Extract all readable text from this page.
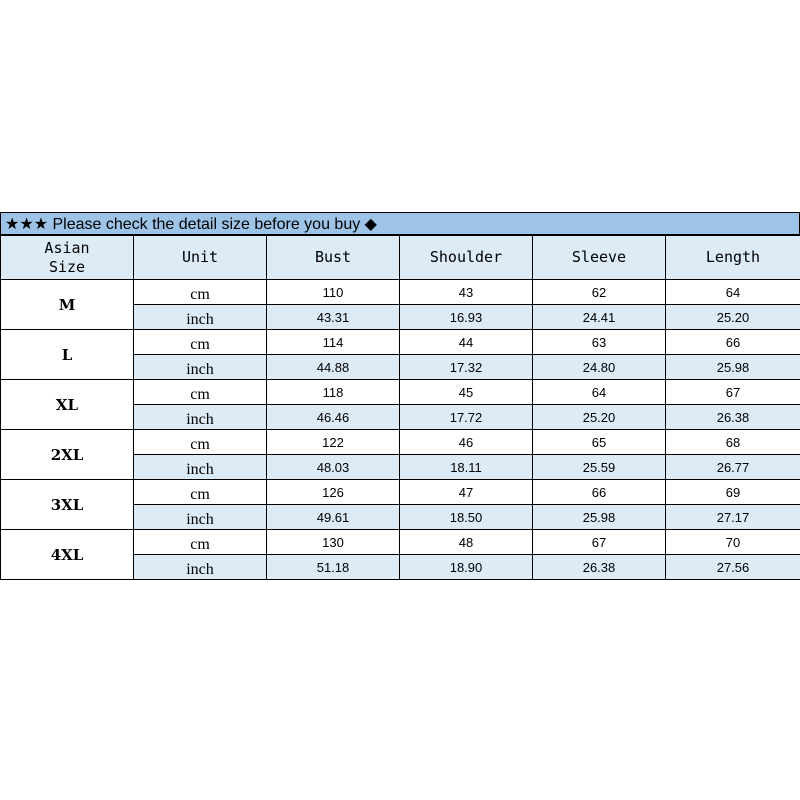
★★★ Please check the detail size before you buy ◆
Asian Size	Unit	Bust	Shoulder	Sleeve	Length
M	cm	110	43	62	64
	inch	43.31	16.93	24.41	25.20
L	cm	114	44	63	66
	inch	44.88	17.32	24.80	25.98
XL	cm	118	45	64	67
	inch	46.46	17.72	25.20	26.38
2XL	cm	122	46	65	68
	inch	48.03	18.11	25.59	26.77
3XL	cm	126	47	66	69
	inch	49.61	18.50	25.98	27.17
4XL	cm	130	48	67	70
	inch	51.18	18.90	26.38	27.56
